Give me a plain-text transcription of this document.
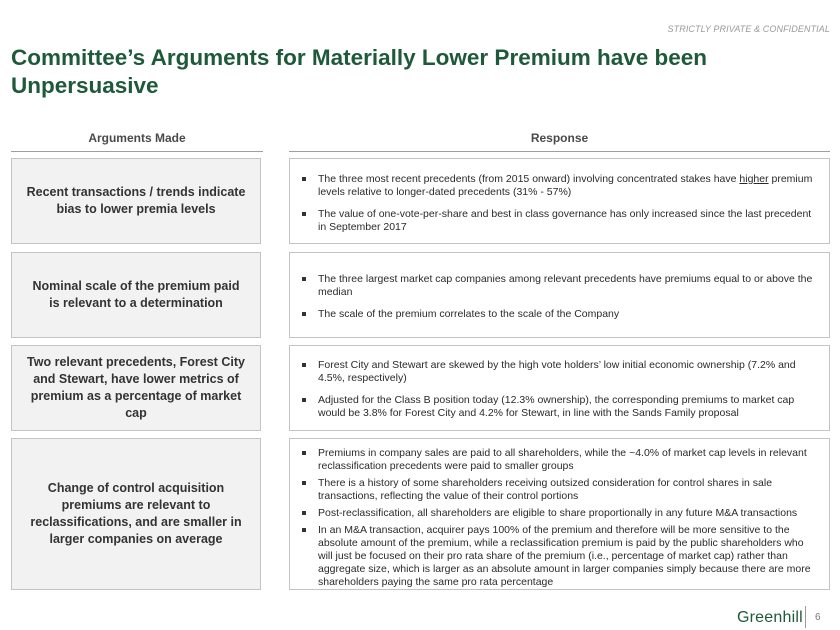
STRICTLY PRIVATE & CONFIDENTIAL
Committee’s Arguments for Materially Lower Premium have been Unpersuasive
Arguments Made	Response
Recent transactions / trends indicate bias to lower premia levels
The three most recent precedents (from 2015 onward) involving concentrated stakes have higher premium levels relative to longer-dated precedents (31% - 57%)
The value of one-vote-per-share and best in class governance has only increased since the last precedent in September 2017
Nominal scale of the premium paid is relevant to a determination
The three largest market cap companies among relevant precedents have premiums equal to or above the median
The scale of the premium correlates to the scale of the Company
Two relevant precedents, Forest City and Stewart, have lower metrics of premium as a percentage of market cap
Forest City and Stewart are skewed by the high vote holders’ low initial economic ownership (7.2% and 4.5%, respectively)
Adjusted for the Class B position today (12.3% ownership), the corresponding premiums to market cap would be 3.8% for Forest City and 4.2% for Stewart, in line with the Sands Family proposal
Change of control acquisition premiums are relevant to reclassifications, and are smaller in larger companies on average
Premiums in company sales are paid to all shareholders, while the ~4.0% of market cap levels in relevant reclassification precedents were paid to smaller groups
There is a history of some shareholders receiving outsized consideration for control shares in sale transactions, reflecting the value of their control portions
Post-reclassification, all shareholders are eligible to share proportionally in any future M&A transactions
In an M&A transaction, acquirer pays 100% of the premium and therefore will be more sensitive to the absolute amount of the premium, while a reclassification premium is paid by the public shareholders who will just be focused on their pro rata share of the premium (i.e., percentage of market cap) rather than aggregate size, which is larger as an absolute amount in larger companies simply because there are more shareholders paying the same pro rata percentage
Greenhill 6
